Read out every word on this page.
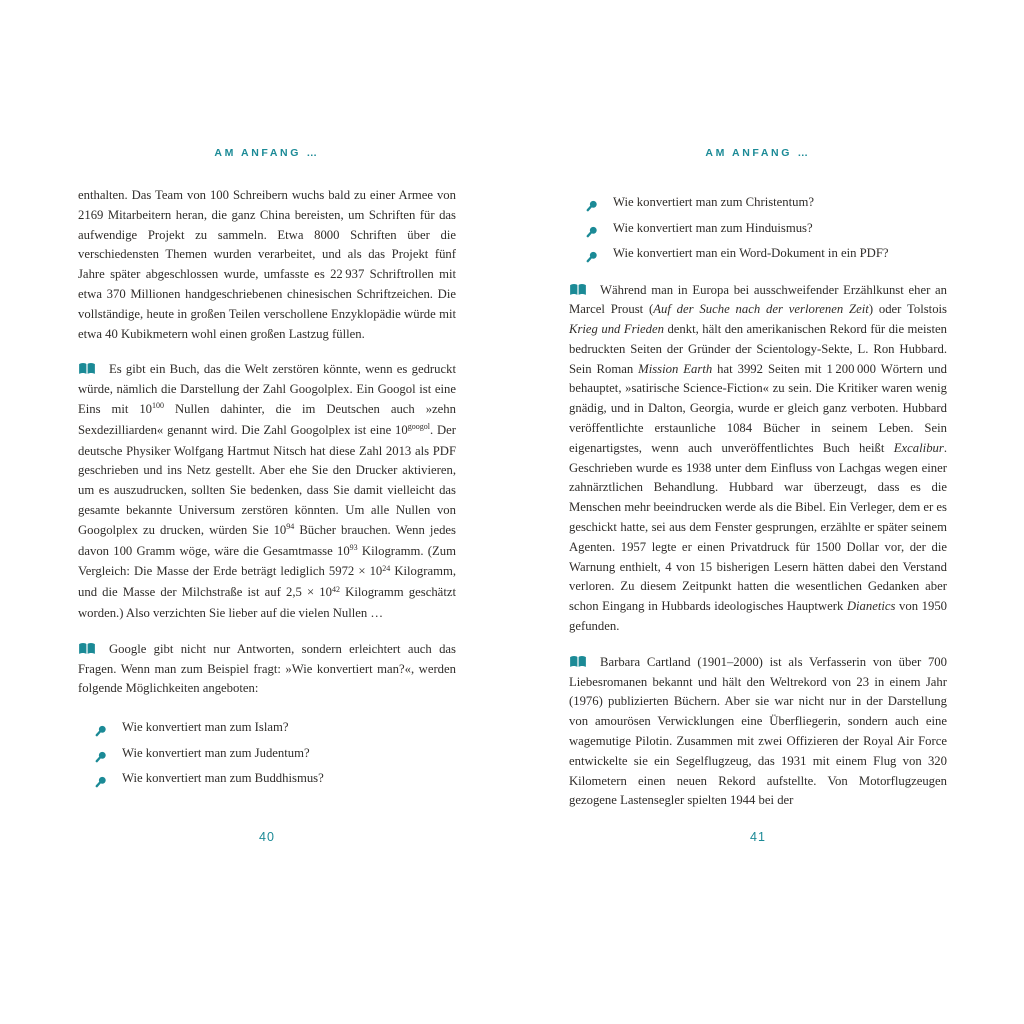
AM ANFANG …

enthalten. Das Team von 100 Schreibern wuchs bald zu einer Armee von 2169 Mitarbeitern heran, die ganz China bereisten, um Schriften für das aufwendige Projekt zu sammeln. Etwa 8000 Schriften über die verschiedensten Themen wurden verarbeitet, und als das Projekt fünf Jahre später abgeschlossen wurde, umfasste es 22 937 Schriftrollen mit etwa 370 Millionen handgeschriebenen chinesischen Schriftzeichen. Die vollständige, heute in großen Teilen verschollene Enzyklopädie würde mit etwa 40 Kubikmetern wohl einen großen Lastzug füllen.

Es gibt ein Buch, das die Welt zerstören könnte, wenn es gedruckt würde, nämlich die Darstellung der Zahl Googolplex. Ein Googol ist eine Eins mit $10^{100}$ Nullen dahinter, die im Deutschen auch »zehn Sexdezilliarden« genannt wird. Die Zahl Googolplex ist eine $10^{googol}$. Der deutsche Physiker Wolfgang Hartmut Nitsch hat diese Zahl 2013 als PDF geschrieben und ins Netz gestellt. Aber ehe Sie den Drucker aktivieren, um es auszudrucken, sollten Sie bedenken, dass Sie damit vielleicht das gesamte bekannte Universum zerstören könnten. Um alle Nullen von Googolplex zu drucken, würden Sie $10^{94}$ Bücher brauchen. Wenn jedes davon 100 Gramm wöge, wäre die Gesamtmasse $10^{93}$ Kilogramm. (Zum Vergleich: Die Masse der Erde beträgt lediglich $5972 \times 10^{24}$ Kilogramm, und die Masse der Milchstraße ist auf $2,5 \times 10^{42}$ Kilogramm geschätzt worden.) Also verzichten Sie lieber auf die vielen Nullen …

Google gibt nicht nur Antworten, sondern erleichtert auch das Fragen. Wenn man zum Beispiel fragt: »Wie konvertiert man?«, werden folgende Möglichkeiten angeboten:

Wie konvertiert man zum Islam?
Wie konvertiert man zum Judentum?
Wie konvertiert man zum Buddhismus?
40
AM ANFANG …
Wie konvertiert man zum Christentum?
Wie konvertiert man zum Hinduismus?
Wie konvertiert man ein Word-Dokument in ein PDF?

Während man in Europa bei ausschweifender Erzählkunst eher an Marcel Proust (Auf der Suche nach der verlorenen Zeit) oder Tolstois Krieg und Frieden denkt, hält den amerikanischen Rekord für die meisten bedruckten Seiten der Gründer der Scientology-Sekte, L. Ron Hubbard. Sein Roman Mission Earth hat 3992 Seiten mit 1 200 000 Wörtern und behauptet, »satirische Science-Fiction« zu sein. Die Kritiker waren wenig gnädig, und in Dalton, Georgia, wurde er gleich ganz verboten. Hubbard veröffentlichte erstaunliche 1084 Bücher in seinem Leben. Sein eigenartigstes, wenn auch unveröffentlichtes Buch heißt Excalibur. Geschrieben wurde es 1938 unter dem Einfluss von Lachgas wegen einer zahnärztlichen Behandlung. Hubbard war überzeugt, dass es die Menschen mehr beeindrucken werde als die Bibel. Ein Verleger, dem er es geschickt hatte, sei aus dem Fenster gesprungen, erzählte er später seinem Agenten. 1957 legte er einen Privatdruck für 1500 Dollar vor, der die Warnung enthielt, 4 von 15 bisherigen Lesern hätten dabei den Verstand verloren. Zu diesem Zeitpunkt hatten die wesentlichen Gedanken aber schon Eingang in Hubbards ideologisches Hauptwerk Dianetics von 1950 gefunden.

Barbara Cartland (1901–2000) ist als Verfasserin von über 700 Liebesromanen bekannt und hält den Weltrekord von 23 in einem Jahr (1976) publizierten Büchern. Aber sie war nicht nur in der Darstellung von amourösen Verwicklungen eine Überfliegerin, sondern auch eine wagemutige Pilotin. Zusammen mit zwei Offizieren der Royal Air Force entwickelte sie ein Segelflugzeug, das 1931 mit einem Flug von 320 Kilometern einen neuen Rekord aufstellte. Von Motorflugzeugen gezogene Lastensegler spielten 1944 bei der

41
